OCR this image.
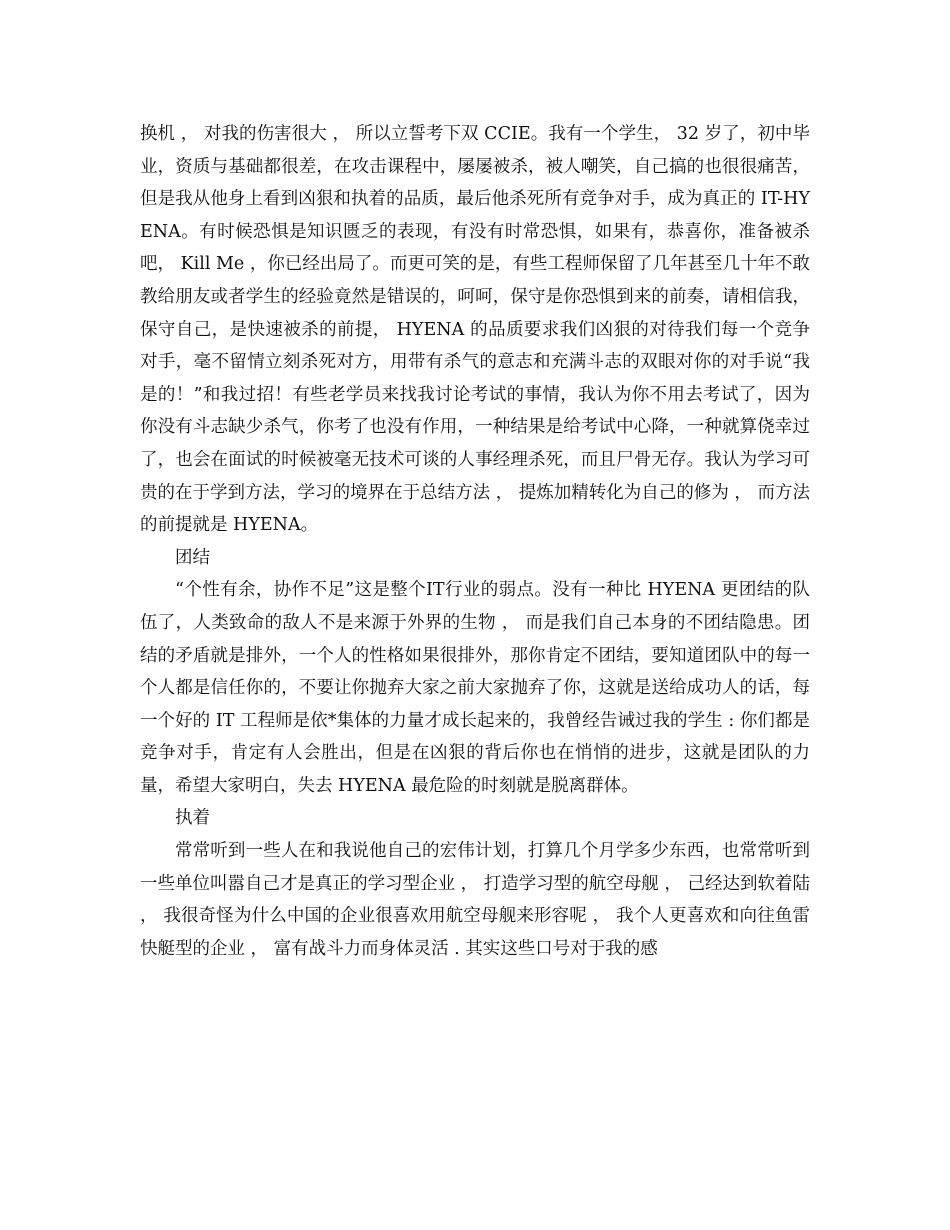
换机 ， 对我的伤害很大 ， 所以立誓考下双 CCIE。我有一个学生， 32 岁了，初中毕业，资质与基础都很差，在攻击课程中，屡屡被杀，被人嘲笑，自己搞的也很很痛苦，但是我从他身上看到凶狠和执着的品质，最后他杀死所有竞争对手，成为真正的 IT-HYENA。有时候恐惧是知识匮乏的表现，有没有时常恐惧，如果有，恭喜你，准备被杀吧， Kill Me ，你已经出局了。而更可笑的是，有些工程师保留了几年甚至几十年不敢教给朋友或者学生的经验竟然是错误的，呵呵，保守是你恐惧到来的前奏，请相信我，保守自己，是快速被杀的前提， HYENA 的品质要求我们凶狠的对待我们每一个竞争对手，毫不留情立刻杀死对方，用带有杀气的意志和充满斗志的双眼对你的对手说“我是的！”和我过招！有些老学员来找我讨论考试的事情，我认为你不用去考试了，因为你没有斗志缺少杀气，你考了也没有作用，一种结果是给考试中心降，一种就算侥幸过了，也会在面试的时候被毫无技术可谈的人事经理杀死，而且尸骨无存。我认为学习可贵的在于学到方法，学习的境界在于总结方法 ， 提炼加精转化为自己的修为 ， 而方法的前提就是 HYENA。

团结

“个性有余，协作不足”这是整个IT行业的弱点。没有一种比 HYENA 更团结的队伍了，人类致命的敌人不是来源于外界的生物 ， 而是我们自己本身的不团结隐患。团结的矛盾就是排外，一个人的性格如果很排外，那你肯定不团结，要知道团队中的每一个人都是信任你的，不要让你抛弃大家之前大家抛弃了你，这就是送给成功人的话，每一个好的 IT 工程师是依*集体的力量才成长起来的，我曾经告诫过我的学生 : 你们都是竞争对手，肯定有人会胜出，但是在凶狠的背后你也在悄悄的进步，这就是团队的力量，希望大家明白，失去 HYENA 最危险的时刻就是脱离群体。

执着

常常听到一些人在和我说他自己的宏伟计划，打算几个月学多少东西，也常常听到一些单位叫嚣自己才是真正的学习型企业 ， 打造学习型的航空母舰 ， 己经达到软着陆 ， 我很奇怪为什么中国的企业很喜欢用航空母舰来形容呢 ， 我个人更喜欢和向往鱼雷快艇型的企业 ， 富有战斗力而身体灵活 . 其实这些口号对于我的感
